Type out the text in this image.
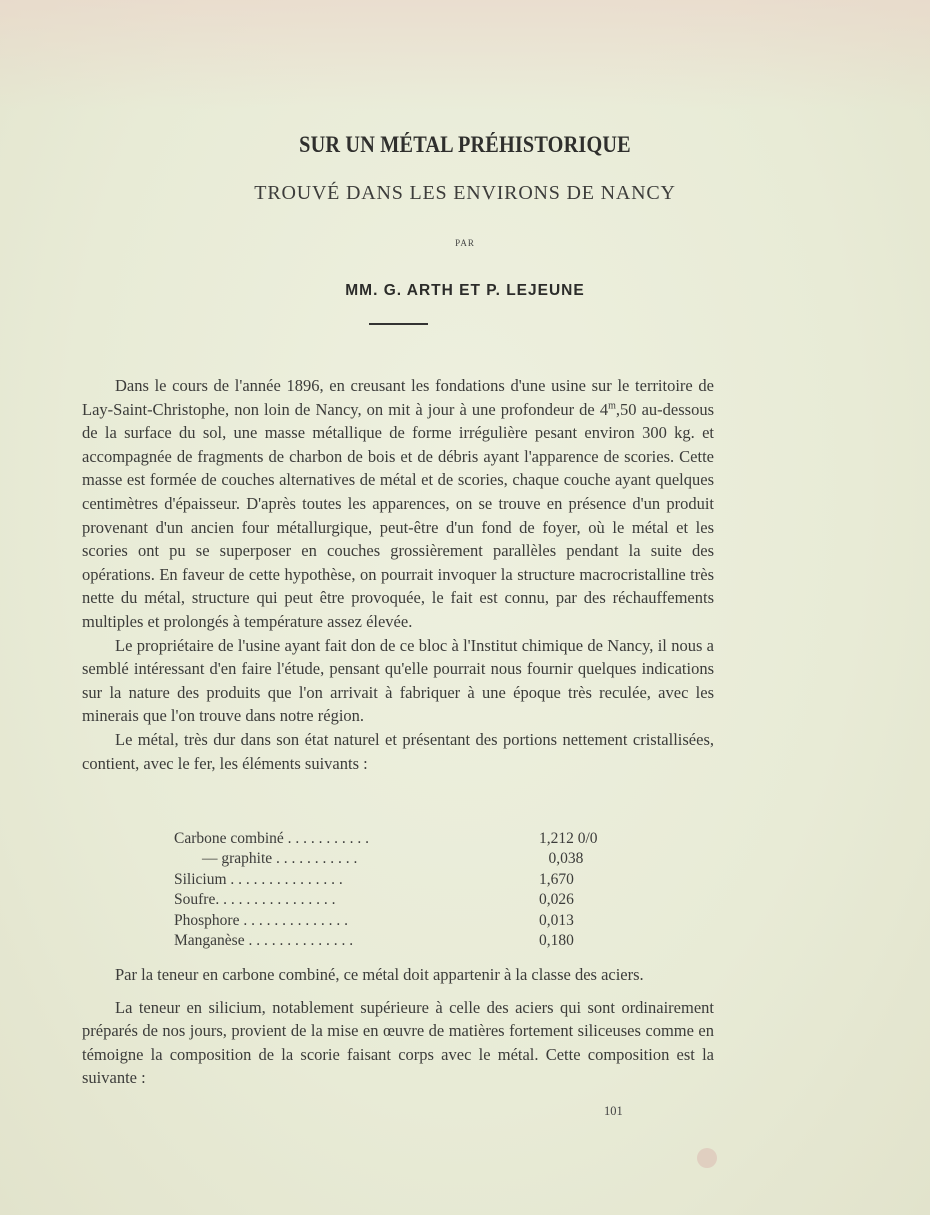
SUR UN MÉTAL PRÉHISTORIQUE
TROUVÉ DANS LES ENVIRONS DE NANCY
PAR
MM. G. ARTH ET P. LEJEUNE

Dans le cours de l'année 1896, en creusant les fondations d'une usine sur le territoire de Lay-Saint-Christophe, non loin de Nancy, on mit à jour à une profondeur de 4$^m$,50 au-dessous de la surface du sol, une masse métallique de forme irrégulière pesant environ 300 kg. et accompagnée de fragments de charbon de bois et de débris ayant l'apparence de scories. Cette masse est formée de couches alternatives de métal et de scories, chaque couche ayant quelques centimètres d'épaisseur. D'après toutes les apparences, on se trouve en présence d'un produit provenant d'un ancien four métallurgique, peut-être d'un fond de foyer, où le métal et les scories ont pu se superposer en couches grossièrement parallèles pendant la suite des opérations. En faveur de cette hypothèse, on pourrait invoquer la structure macrocristalline très nette du métal, structure qui peut être provoquée, le fait est connu, par des réchauffements multiples et prolongés à température assez élevée.

Le propriétaire de l'usine ayant fait don de ce bloc à l'Institut chimique de Nancy, il nous a semblé intéressant d'en faire l'étude, pensant qu'elle pourrait nous fournir quelques indications sur la nature des produits que l'on arrivait à fabriquer à une époque très reculée, avec les minerais que l'on trouve dans notre région.

Le métal, très dur dans son état naturel et présentant des portions nettement cristallisées, contient, avec le fer, les éléments suivants :

Carbone combiné . . . . . . . . . . .	1,212 0/0
— graphite . . . . . . . . . . .	0,038
Silicium . . . . . . . . . . . . . . .	1,670
Soufre. . . . . . . . . . . . . . . .	0,026
Phosphore . . . . . . . . . . . . . .	0,013
Manganèse . . . . . . . . . . . . . .	0,180

Par la teneur en carbone combiné, ce métal doit appartenir à la classe des aciers.

La teneur en silicium, notablement supérieure à celle des aciers qui sont ordinairement préparés de nos jours, provient de la mise en œuvre de matières fortement siliceuses comme en témoigne la composition de la scorie faisant corps avec le métal. Cette composition est la suivante :

101
